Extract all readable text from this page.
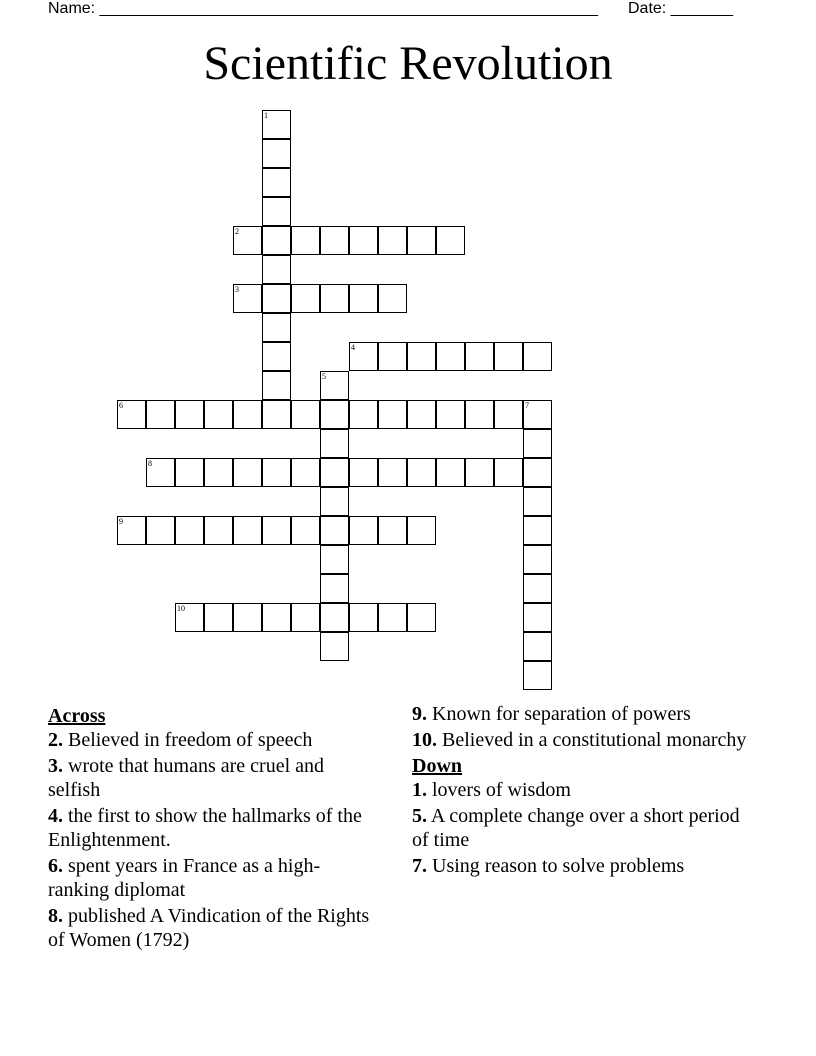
Name: ________________________________________________________ Date: _______
Scientific Revolution
1
2
3
4
5
6	7
8
9
10
Across
2. Believed in freedom of speech
3. wrote that humans are cruel and selfish
4. the first to show the hallmarks of the Enlightenment.
6. spent years in France as a high-ranking diplomat
8. published A Vindication of the Rights of Women (1792)
9. Known for separation of powers
10. Believed in a constitutional monarchy
Down
1. lovers of wisdom
5. A complete change over a short period of time
7. Using reason to solve problems
